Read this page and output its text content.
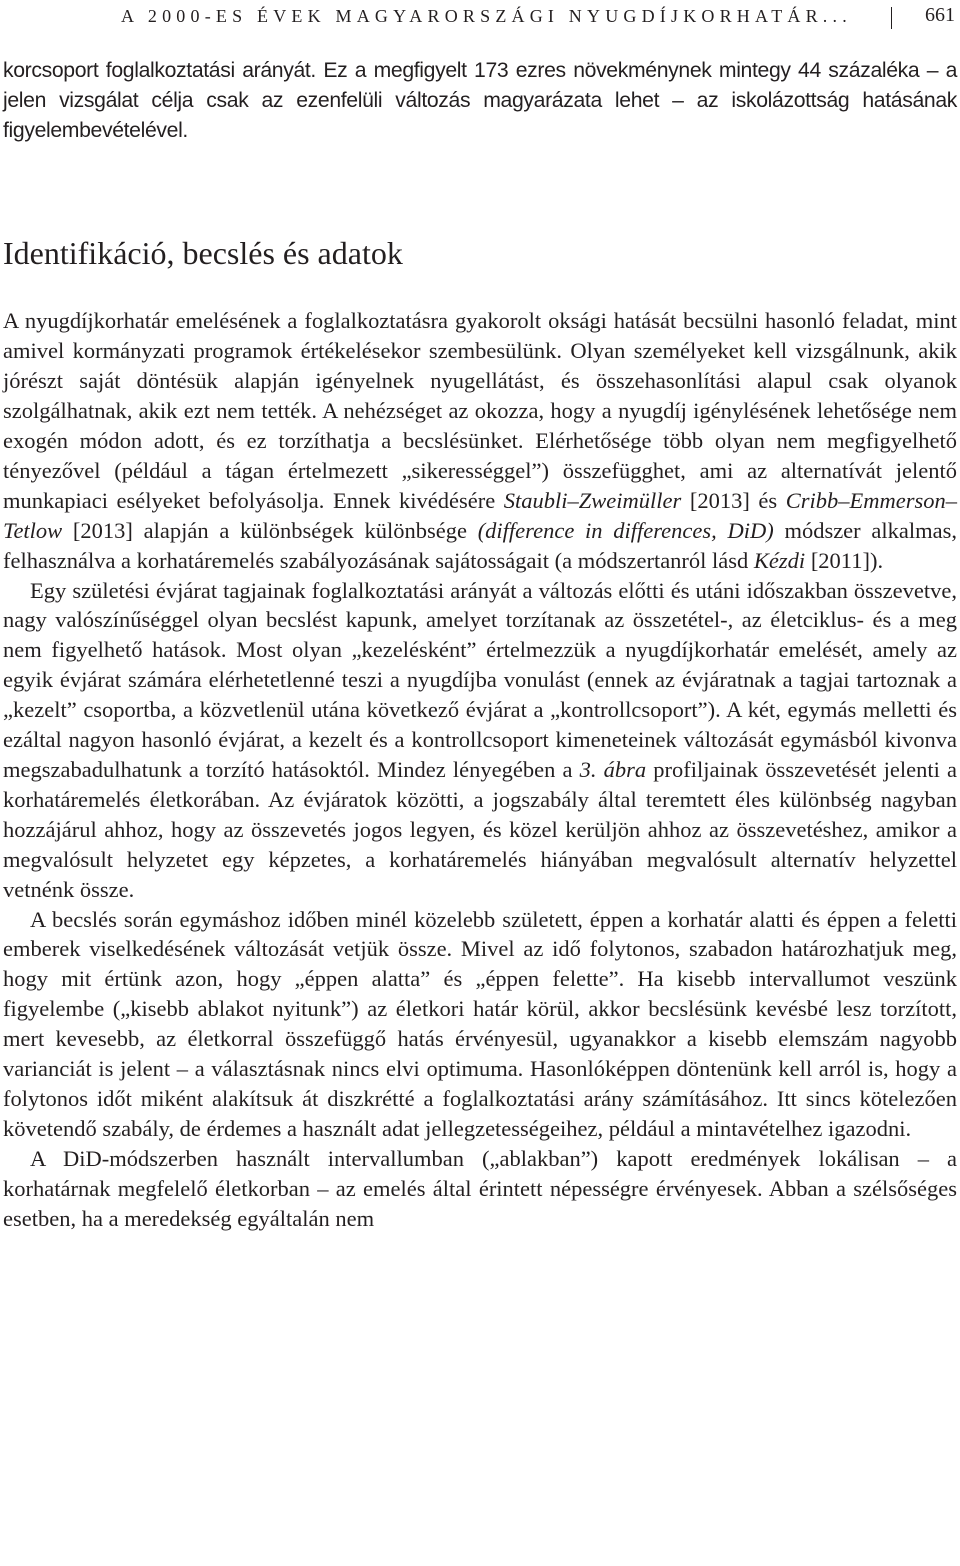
A 2000-ES ÉVEK MAGYARORSZÁGI NYUGDÍJKORHATÁR...	661

korcsoport foglalkoztatási arányát. Ez a megfigyelt 173 ezres növekménynek mintegy 44 százaléka – a jelen vizsgálat célja csak az ezenfelüli változás magyarázata lehet – az iskolázottság hatásának figyelembevételével.

Identifikáció, becslés és adatok

A nyugdíjkorhatár emelésének a foglalkoztatásra gyakorolt oksági hatását becsülni hasonló feladat, mint amivel kormányzati programok értékelésekor szembesülünk. Olyan személyeket kell vizsgálnunk, akik jórészt saját döntésük alapján igényelnek nyugellátást, és összehasonlítási alapul csak olyanok szolgálhatnak, akik ezt nem tették. A nehézséget az okozza, hogy a nyugdíj igénylésének lehetősége nem exogén módon adott, és ez torzíthatja a becslésünket. Elérhetősége több olyan nem megfigyelhető tényezővel (például a tágan értelmezett „sikerességgel”) összefügghet, ami az alternatívát jelentő munkapiaci esélyeket befolyásolja. Ennek kivédésére Staubli–Zweimüller [2013] és Cribb–Emmerson–Tetlow [2013] alapján a különbségek különbsége (difference in differences, DiD) módszer alkalmas, felhasználva a korhatáremelés szabályozásának sajátosságait (a módszertanról lásd Kézdi [2011]).

Egy születési évjárat tagjainak foglalkoztatási arányát a változás előtti és utáni időszakban összevetve, nagy valószínűséggel olyan becslést kapunk, amelyet torzítanak az összetétel-, az életciklus- és a meg nem figyelhető hatások. Most olyan „kezelésként” értelmezzük a nyugdíjkorhatár emelését, amely az egyik évjárat számára elérhetetlenné teszi a nyugdíjba vonulást (ennek az évjáratnak a tagjai tartoznak a „kezelt” csoportba, a közvetlenül utána következő évjárat a „kontrollcsoport”). A két, egymás melletti és ezáltal nagyon hasonló évjárat, a kezelt és a kontrollcsoport kimeneteinek változását egymásból kivonva megszabadulhatunk a torzító hatásoktól. Mindez lényegében a 3. ábra profiljainak összevetését jelenti a korhatáremelés életkorában. Az évjáratok közötti, a jogszabály által teremtett éles különbség nagyban hozzájárul ahhoz, hogy az összevetés jogos legyen, és közel kerüljön ahhoz az összevetéshez, amikor a megvalósult helyzetet egy képzetes, a korhatáremelés hiányában megvalósult alternatív helyzettel vetnénk össze.

A becslés során egymáshoz időben minél közelebb született, éppen a korhatár alatti és éppen a feletti emberek viselkedésének változását vetjük össze. Mivel az idő folytonos, szabadon határozhatjuk meg, hogy mit értünk azon, hogy „éppen alatta” és „éppen felette”. Ha kisebb intervallumot veszünk figyelembe („kisebb ablakot nyitunk”) az életkori határ körül, akkor becslésünk kevésbé lesz torzított, mert kevesebb, az életkorral összefüggő hatás érvényesül, ugyanakkor a kisebb elemszám nagyobb varianciát is jelent – a választásnak nincs elvi optimuma. Hasonlóképpen döntenünk kell arról is, hogy a folytonos időt miként alakítsuk át diszkrétté a foglalkoztatási arány számításához. Itt sincs kötelezően követendő szabály, de érdemes a használt adat jellegzetességeihez, például a mintavételhez igazodni.

A DiD-módszerben használt intervallumban („ablakban”) kapott eredmények lokálisan – a korhatárnak megfelelő életkorban – az emelés által érintett népességre érvényesek. Abban a szélsőséges esetben, ha a meredekség egyáltalán nem
